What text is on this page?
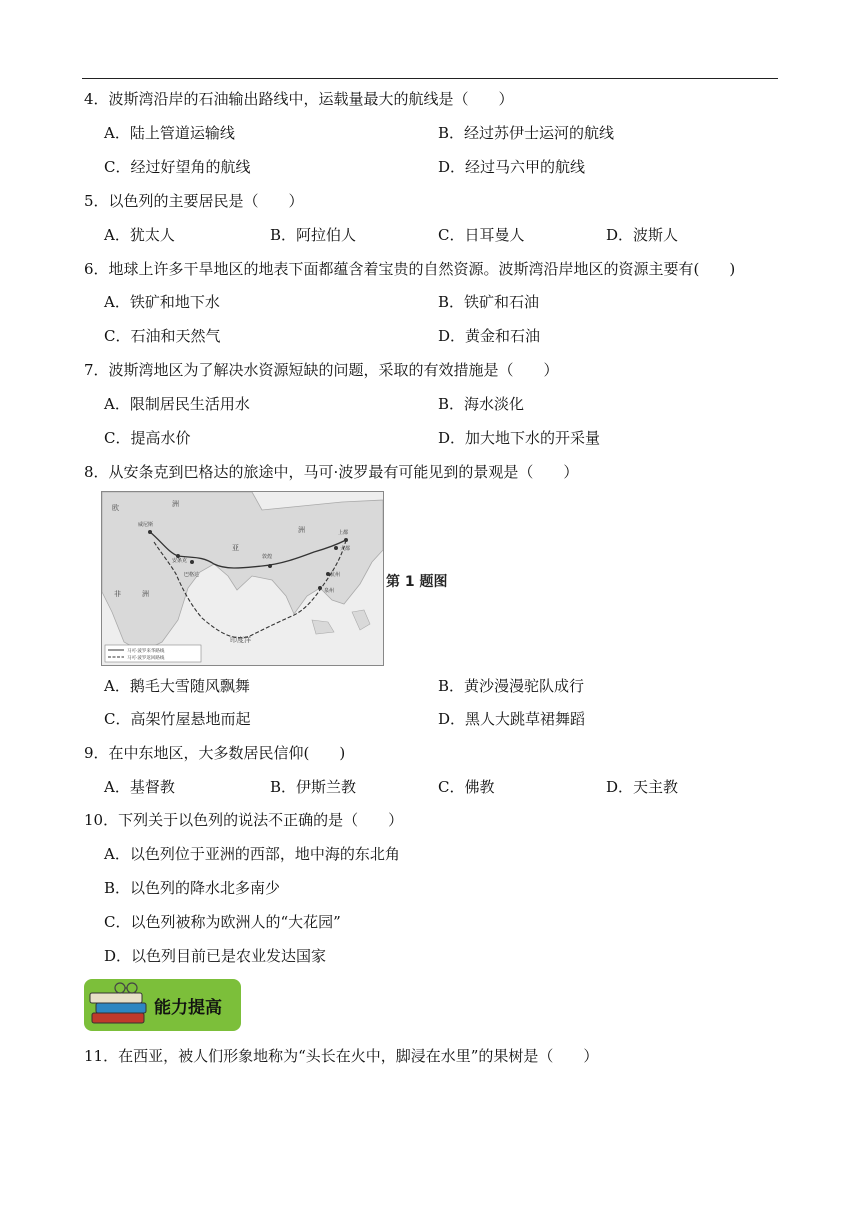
4．波斯湾沿岸的石油输出路线中，运载量最大的航线是（　　）
A．陆上管道运输线	B．经过苏伊士运河的航线
C．经过好望角的航线	D．经过马六甲的航线
5．以色列的主要居民是（　　）
A．犹太人	B．阿拉伯人	C．日耳曼人	D．波斯人
6．地球上许多干旱地区的地表下面都蕴含着宝贵的自然资源。波斯湾沿岸地区的资源主要有(　　)
A．铁矿和地下水	B．铁矿和石油
C．石油和天然气	D．黄金和石油
7．波斯湾地区为了解决水资源短缺的问题，采取的有效措施是（　　）
A．限制居民生活用水	B．海水淡化
C．提高水价	D．加大地下水的开采量
8．从安条克到巴格达的旅途中，马可·波罗最有可能见到的景观是（　　）
欧	洲
亚
洲
非	洲
印度洋
安条克
巴格达
敦煌
上都
大都
泉州
杭州
威尼斯
马可·波罗来华路线
马可·波罗返回路线
第 1 题图
A．鹅毛大雪随风飘舞	B．黄沙漫漫驼队成行
C．高架竹屋悬地而起	D．黑人大跳草裙舞蹈
9．在中东地区，大多数居民信仰(　　)
A．基督教	B．伊斯兰教	C．佛教	D．天主教
10．下列关于以色列的说法不正确的是（　　）
A．以色列位于亚洲的西部，地中海的东北角
B．以色列的降水北多南少
C．以色列被称为欧洲人的“大花园”
D．以色列目前已是农业发达国家
能力提高
11．在西亚，被人们形象地称为“头长在火中，脚浸在水里”的果树是（　　）
